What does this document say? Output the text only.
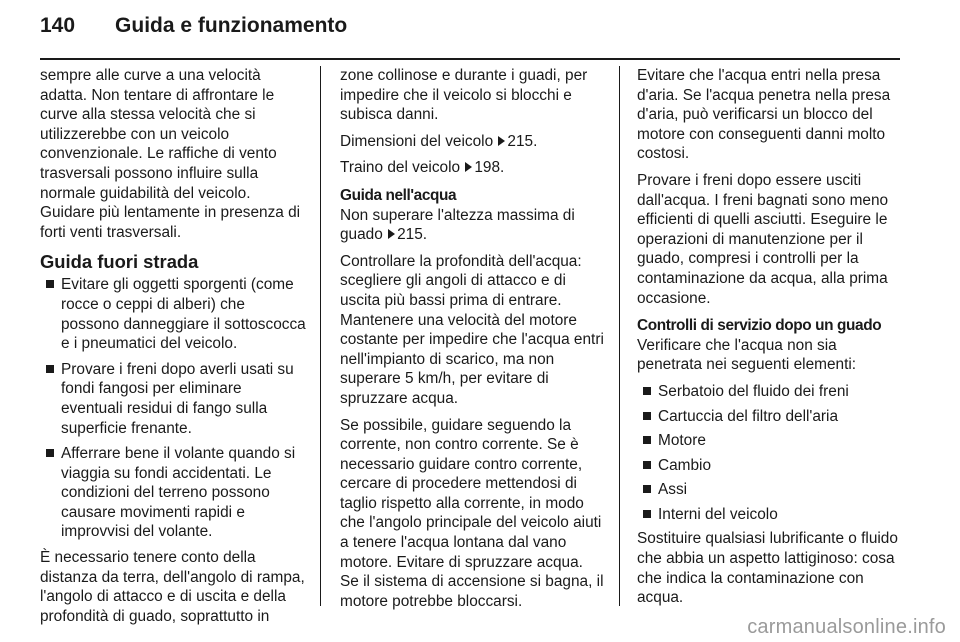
140 Guida e funzionamento

sempre alle curve a una velocità adatta. Non tentare di affrontare le curve alla stessa velocità che si utilizzerebbe con un veicolo convenzionale. Le raffiche di vento trasversali possono influire sulla normale guidabilità del veicolo. Guidare più lentamente in presenza di forti venti trasversali.

Guida fuori strada
Evitare gli oggetti sporgenti (come rocce o ceppi di alberi) che possono danneggiare il sottoscocca e i pneumatici del veicolo.
Provare i freni dopo averli usati su fondi fangosi per eliminare eventuali residui di fango sulla superficie frenante.
Afferrare bene il volante quando si viaggia su fondi accidentati. Le condizioni del terreno possono causare movimenti rapidi e improvvisi del volante.

È necessario tenere conto della distanza da terra, dell'angolo di rampa, l'angolo di attacco e di uscita e della profondità di guado, soprattutto in

zone collinose e durante i guadi, per impedire che il veicolo si blocchi e subisca danni.

Dimensioni del veicolo 215.

Traino del veicolo 198.

Guida nell'acqua

Non superare l'altezza massima di guado 215.

Controllare la profondità dell'acqua: scegliere gli angoli di attacco e di uscita più bassi prima di entrare. Mantenere una velocità del motore costante per impedire che l'acqua entri nell'impianto di scarico, ma non superare 5 km/h, per evitare di spruzzare acqua.

Se possibile, guidare seguendo la corrente, non contro corrente. Se è necessario guidare contro corrente, cercare di procedere mettendosi di taglio rispetto alla corrente, in modo che l'angolo principale del veicolo aiuti a tenere l'acqua lontana dal vano motore. Evitare di spruzzare acqua. Se il sistema di accensione si bagna, il motore potrebbe bloccarsi.

Evitare che l'acqua entri nella presa d'aria. Se l'acqua penetra nella presa d'aria, può verificarsi un blocco del motore con conseguenti danni molto costosi.

Provare i freni dopo essere usciti dall'acqua. I freni bagnati sono meno efficienti di quelli asciutti. Eseguire le operazioni di manutenzione per il guado, compresi i controlli per la contaminazione da acqua, alla prima occasione.

Controlli di servizio dopo un guado

Verificare che l'acqua non sia penetrata nei seguenti elementi:

Serbatoio del fluido dei freni
Cartuccia del filtro dell'aria
Motore
Cambio
Assi
Interni del veicolo

Sostituire qualsiasi lubrificante o fluido che abbia un aspetto lattiginoso: cosa che indica la contaminazione con acqua.

carmanualsonline.info
